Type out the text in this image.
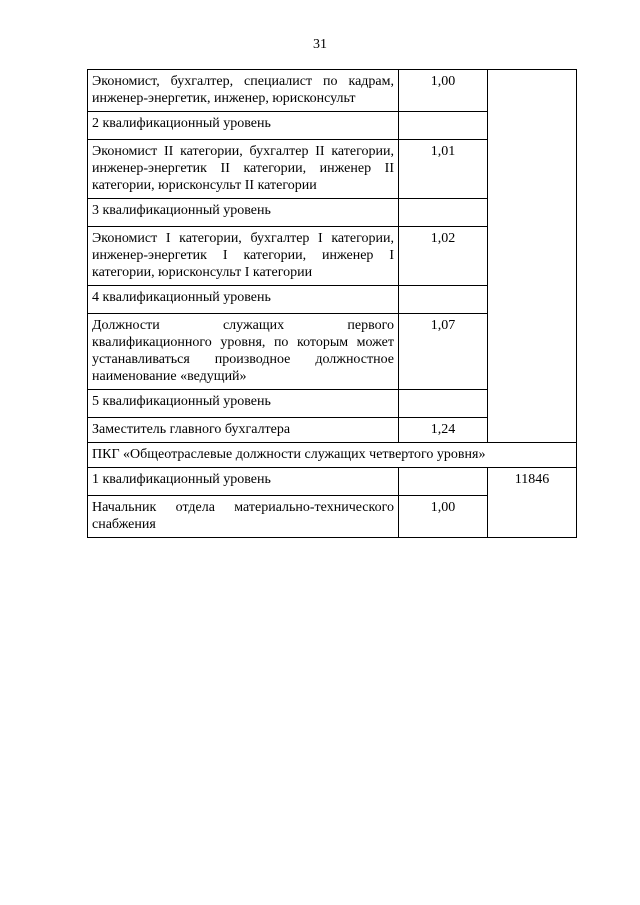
31
Экономист, бухгалтер, специалист по кадрам, инженер-энергетик, инженер, юрисконсульт	1,00	
2 квалификационный уровень		
Экономист II категории, бухгалтер II категории, инженер-энергетик II категории, инженер II категории, юрисконсульт II категории	1,01	
3 квалификационный уровень		
Экономист I категории, бухгалтер I категории, инженер-энергетик I категории, инженер I категории, юрисконсульт I категории	1,02	
4 квалификационный уровень		
Должности служащих первого квалификационного уровня, по которым может устанавливаться производное должностное наименование «ведущий»	1,07	
5 квалификационный уровень		
Заместитель главного бухгалтера	1,24	
ПКГ «Общеотраслевые должности служащих четвертого уровня»		
1 квалификационный уровень		11846
Начальник отдела материально-технического снабжения	1,00	
